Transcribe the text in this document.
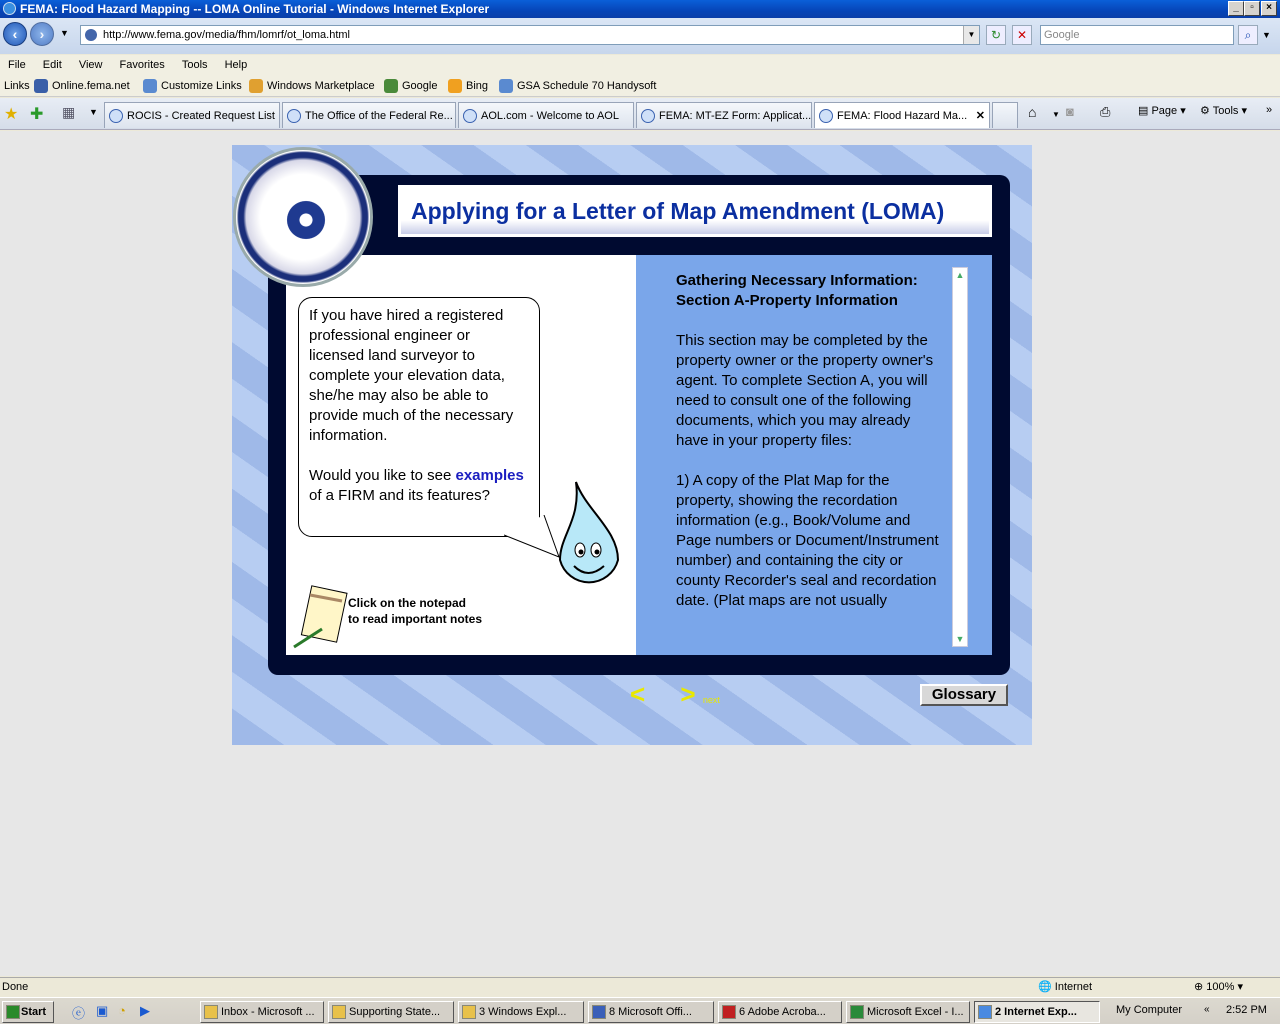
FEMA: Flood Hazard Mapping -- LOMA Online Tutorial - Windows Internet Explorer	_	▫	×
‹	›	▼	http://www.fema.gov/media/fhm/lomrf/ot_loma.html	▼	↻	✕	Google	⌕	▼
File Edit View Favorites Tools Help
Links	Online.fema.net	Customize Links	Windows Marketplace	Google	Bing	GSA Schedule 70 Handysoft
★ ✚ ▦ ▼	ROCIS - Created Request List	The Office of the Federal Re...	AOL.com - Welcome to AOL	FEMA: MT-EZ Form: Applicat...	FEMA: Flood Hazard Ma... ✕	⌂ ▼ ◙ ⎙	▤ Page ▾ ⚙ Tools ▾ »
Applying for a Letter of Map Amendment (LOMA)
If you have hired a registered professional engineer or licensed land surveyor to complete your elevation data, she/he may also be able to provide much of the necessary information.
Would you like to see examples of a FIRM and its features?
Click on the notepad
to read important notes
Gathering Necessary Information:
Section A-Property Information

This section may be completed by the property owner or the property owner's agent. To complete Section A, you will need to consult one of the following documents, which you may already have in your property files:

1) A copy of the Plat Map for the property, showing the recordation information (e.g., Book/Volume and Page numbers or Document/Instrument number) and containing the city or county Recorder's seal and recordation date. (Plat maps are not usually

▲
▼
< > next	Glossary
Done	🌐 Internet	⊕ 100% ▾
Start	ⓔ ▣ ◔ ▶	Inbox - Microsoft ...	Supporting State...	3 Windows Expl...	8 Microsoft Offi...	6 Adobe Acroba...	Microsoft Excel - I...	2 Internet Exp...	My Computer « 2:52 PM
